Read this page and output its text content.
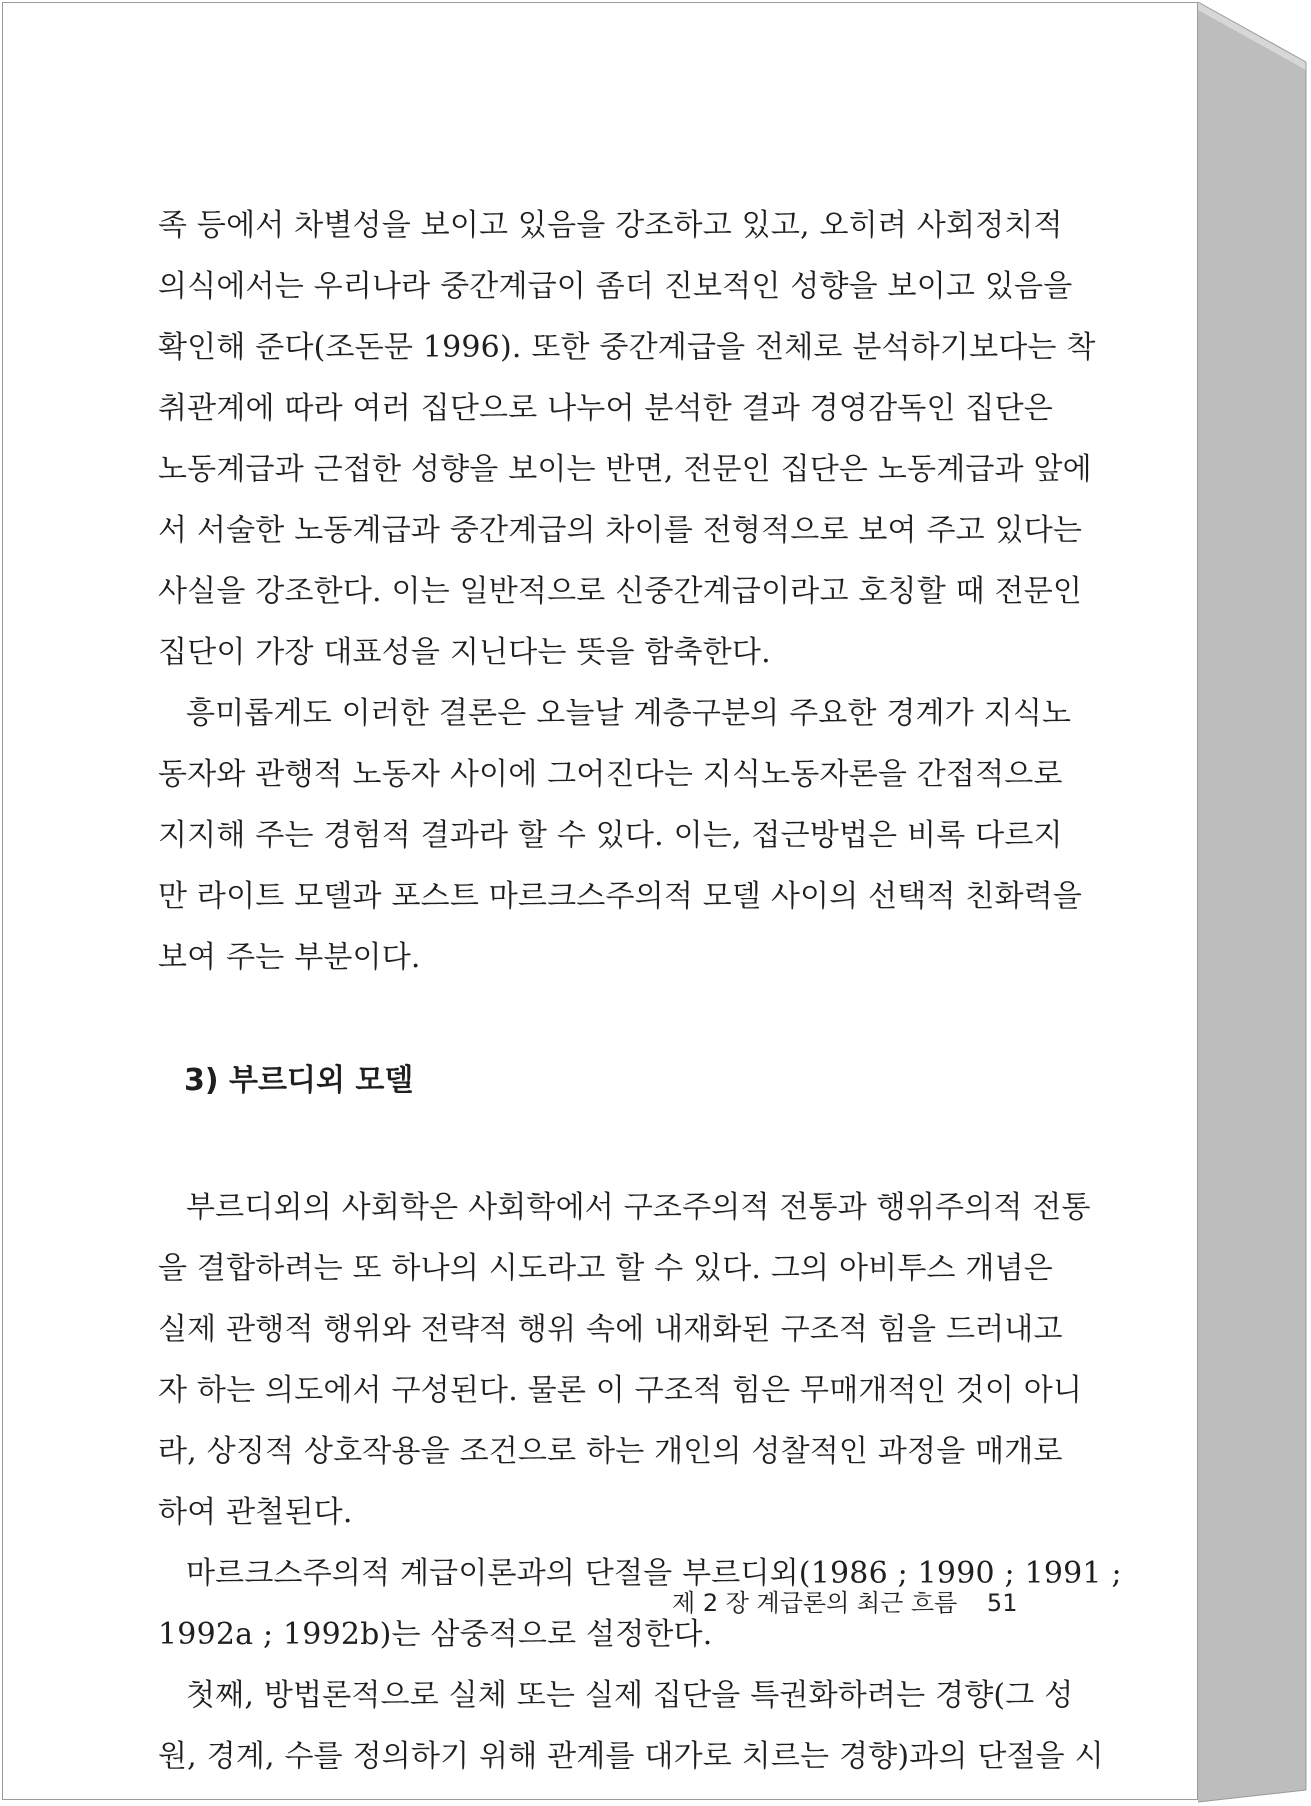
족 등에서 차별성을 보이고 있음을 강조하고 있고, 오히려 사회정치적
의식에서는 우리나라 중간계급이 좀더 진보적인 성향을 보이고 있음을
확인해 준다(조돈문 1996). 또한 중간계급을 전체로 분석하기보다는 착
취관계에 따라 여러 집단으로 나누어 분석한 결과 경영감독인 집단은
노동계급과 근접한 성향을 보이는 반면, 전문인 집단은 노동계급과 앞에
서 서술한 노동계급과 중간계급의 차이를 전형적으로 보여 주고 있다는
사실을 강조한다. 이는 일반적으로 신중간계급이라고 호칭할 때 전문인
집단이 가장 대표성을 지닌다는 뜻을 함축한다.

흥미롭게도 이러한 결론은 오늘날 계층구분의 주요한 경계가 지식노
동자와 관행적 노동자 사이에 그어진다는 지식노동자론을 간접적으로
지지해 주는 경험적 결과라 할 수 있다. 이는, 접근방법은 비록 다르지
만 라이트 모델과 포스트 마르크스주의적 모델 사이의 선택적 친화력을
보여 주는 부분이다.

3) 부르디외 모델

부르디외의 사회학은 사회학에서 구조주의적 전통과 행위주의적 전통
을 결합하려는 또 하나의 시도라고 할 수 있다. 그의 아비투스 개념은
실제 관행적 행위와 전략적 행위 속에 내재화된 구조적 힘을 드러내고
자 하는 의도에서 구성된다. 물론 이 구조적 힘은 무매개적인 것이 아니
라, 상징적 상호작용을 조건으로 하는 개인의 성찰적인 과정을 매개로
하여 관철된다.

마르크스주의적 계급이론과의 단절을 부르디외(1986 ; 1990 ; 1991 ;
1992a ; 1992b)는 삼중적으로 설정한다.

첫째, 방법론적으로 실체 또는 실제 집단을 특권화하려는 경향(그 성
원, 경계, 수를 정의하기 위해 관계를 대가로 치르는 경향)과의 단절을 시

제 2 장 계급론의 최근 흐름 51
